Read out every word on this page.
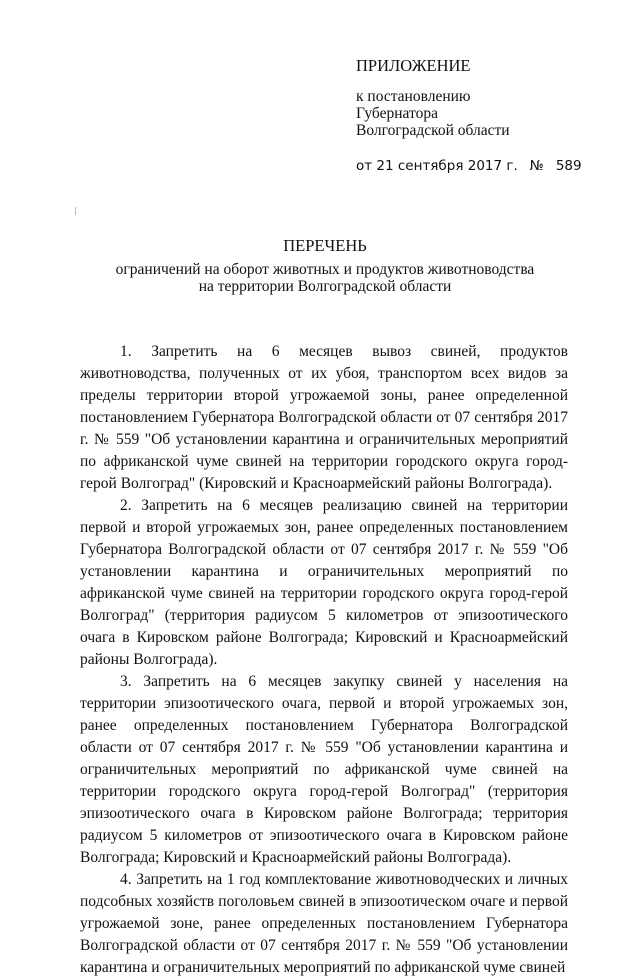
ПРИЛОЖЕНИЕ
к постановлению
Губернатора
Волгоградской области
от 21 сентября 2017 г. № 589
ПЕРЕЧЕНЬ
ограничений на оборот животных и продуктов животноводства
на территории Волгоградской области

1. Запретить на 6 месяцев вывоз свиней, продуктов животноводства, полученных от их убоя, транспортом всех видов за пределы территории второй угрожаемой зоны, ранее определенной постановлением Губернатора Волгоградской области от 07 сентября 2017 г. № 559 "Об установлении карантина и ограничительных мероприятий по африканской чуме свиней на территории городского округа город-герой Волгоград" (Кировский и Красноармейский районы Волгограда).

2. Запретить на 6 месяцев реализацию свиней на территории первой и второй угрожаемых зон, ранее определенных постановлением Губернатора Волгоградской области от 07 сентября 2017 г. № 559 "Об установлении карантина и ограничительных мероприятий по африканской чуме свиней на территории городского округа город-герой Волгоград" (территория радиусом 5 километров от эпизоотического очага в Кировском районе Волгограда; Кировский и Красноармейский районы Волгограда).

3. Запретить на 6 месяцев закупку свиней у населения на территории эпизоотического очага, первой и второй угрожаемых зон, ранее определенных постановлением Губернатора Волгоградской области от 07 сентября 2017 г. № 559 "Об установлении карантина и ограничительных мероприятий по африканской чуме свиней на территории городского округа город-герой Волгоград" (территория эпизоотического очага в Кировском районе Волгограда; территория радиусом 5 километров от эпизоотического очага в Кировском районе Волгограда; Кировский и Красноармейский районы Волгограда).

4. Запретить на 1 год комплектование животноводческих и личных подсобных хозяйств поголовьем свиней в эпизоотическом очаге и первой угрожаемой зоне, ранее определенных постановлением Губернатора Волгоградской области от 07 сентября 2017 г. № 559 "Об установлении карантина и ограничительных мероприятий по африканской чуме свиней
